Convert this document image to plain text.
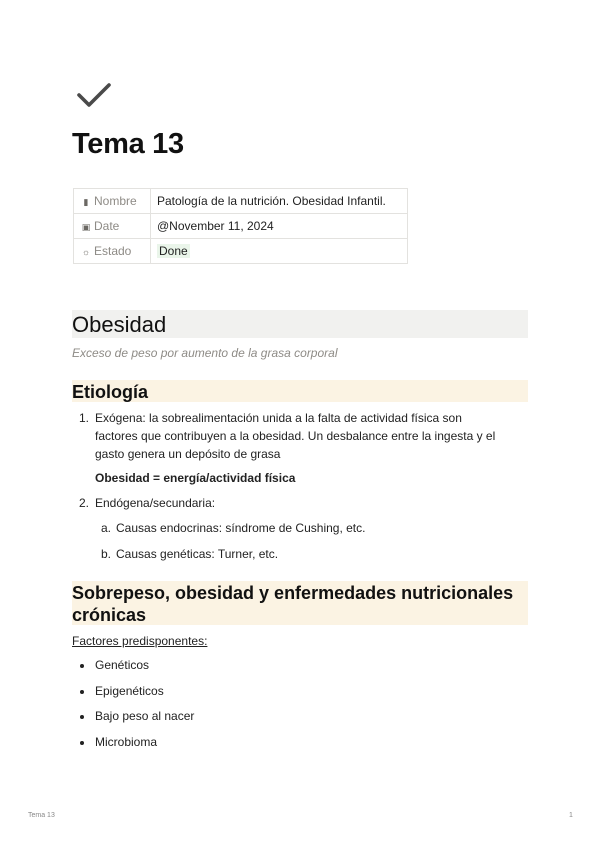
Tema 13
▮ Nombre	Patología de la nutrición. Obesidad Infantil.
▣ Date	@November 11, 2024
☼ Estado	Done
Obesidad
Exceso de peso por aumento de la grasa corporal
Etiología
1. Exógena: la sobrealimentación unida a la falta de actividad física son
factores que contribuyen a la obesidad. Un desbalance entre la ingesta y el
gasto genera un depósito de grasa
Obesidad = energía/actividad física
2. Endógena/secundaria:
a. Causas endocrinas: síndrome de Cushing, etc.
b. Causas genéticas: Turner, etc.
Sobrepeso, obesidad y enfermedades nutricionales
crónicas
Factores predisponentes:
Genéticos
Epigenéticos
Bajo peso al nacer
Microbioma
Tema 13	1
